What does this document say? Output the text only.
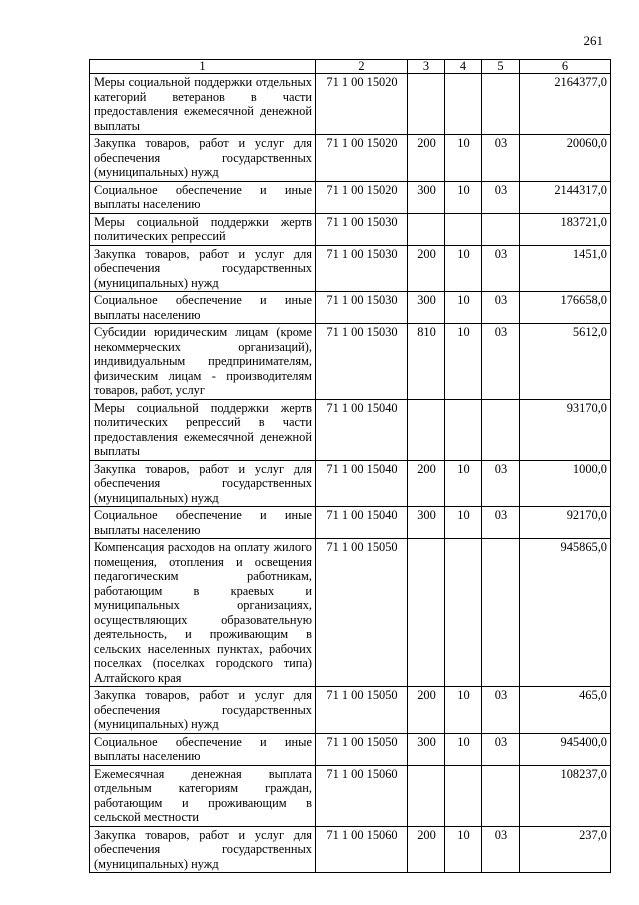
261
1	2	3	4	5	6
Меры социальной поддержки отдельных категорий ветеранов в части предоставления ежемесячной денежной выплаты	71 1 00 15020				2164377,0
Закупка товаров, работ и услуг для обеспечения государственных (муниципальных) нужд	71 1 00 15020	200	10	03	20060,0
Социальное обеспечение и иные выплаты населению	71 1 00 15020	300	10	03	2144317,0
Меры социальной поддержки жертв политических репрессий	71 1 00 15030				183721,0
Закупка товаров, работ и услуг для обеспечения государственных (муниципальных) нужд	71 1 00 15030	200	10	03	1451,0
Социальное обеспечение и иные выплаты населению	71 1 00 15030	300	10	03	176658,0
Субсидии юридическим лицам (кроме некоммерческих организаций), индивидуальным предпринимателям, физическим лицам - производителям товаров, работ, услуг	71 1 00 15030	810	10	03	5612,0
Меры социальной поддержки жертв политических репрессий в части предоставления ежемесячной денежной выплаты	71 1 00 15040				93170,0
Закупка товаров, работ и услуг для обеспечения государственных (муниципальных) нужд	71 1 00 15040	200	10	03	1000,0
Социальное обеспечение и иные выплаты населению	71 1 00 15040	300	10	03	92170,0
Компенсация расходов на оплату жилого помещения, отопления и освещения педагогическим работникам, работающим в краевых и муниципальных организациях, осуществляющих образовательную деятельность, и проживающим в сельских населенных пунктах, рабочих поселках (поселках городского типа) Алтайского края	71 1 00 15050				945865,0
Закупка товаров, работ и услуг для обеспечения государственных (муниципальных) нужд	71 1 00 15050	200	10	03	465,0
Социальное обеспечение и иные выплаты населению	71 1 00 15050	300	10	03	945400,0
Ежемесячная денежная выплата отдельным категориям граждан, работающим и проживающим в сельской местности	71 1 00 15060				108237,0
Закупка товаров, работ и услуг для обеспечения государственных (муниципальных) нужд	71 1 00 15060	200	10	03	237,0
